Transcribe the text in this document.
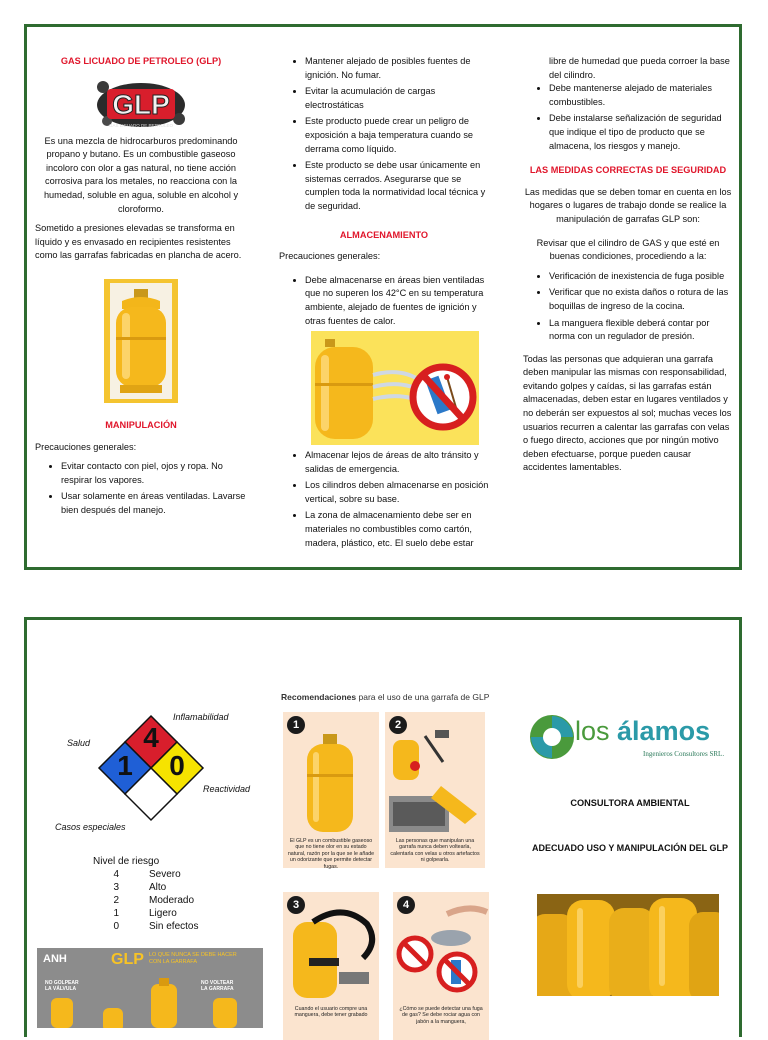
GAS LICUADO DE PETROLEO (GLP)
GLP
GAS LICUADO DE PETROLEO

Es una mezcla de hidrocarburos predominando propano y butano. Es un combustible gaseoso incoloro con olor a gas natural, no tiene acción corrosiva para los metales, no reacciona con la humedad, soluble en agua, soluble en alcohol y cloroformo.

Sometido a presiones elevadas se transforma en líquido y es envasado en recipientes resistentes como las garrafas fabricadas en plancha de acero.

MANIPULACIÓN

Precauciones generales:

• Evitar contacto con piel, ojos y ropa. No respirar los vapores.
• Usar solamente en áreas ventiladas. Lavarse bien después del manejo.
• Mantener alejado de posibles fuentes de ignición. No fumar.
• Evitar la acumulación de cargas electrostáticas
• Este producto puede crear un peligro de exposición a baja temperatura cuando se derrama como líquido.
• Este producto se debe usar únicamente en sistemas cerrados. Asegurarse que se cumplen toda la normatividad local técnica y de seguridad.
ALMACENAMIENTO

Precauciones generales:

• Debe almacenarse en áreas bien ventiladas que no superen los 42°C en su temperatura ambiente, alejado de fuentes de ignición y otras fuentes de calor.
• Almacenar lejos de áreas de alto tránsito y salidas de emergencia.
• Los cilindros deben almacenarse en posición vertical, sobre su base.
• La zona de almacenamiento debe ser en materiales no combustibles como cartón, madera, plástico, etc. El suelo debe estar
libre de humedad que pueda corroer la base del cilindro.
• Debe mantenerse alejado de materiales combustibles.
• Debe instalarse señalización de seguridad que indique el tipo de producto que se almacena, los riesgos y manejo.
LAS MEDIDAS CORRECTAS DE SEGURIDAD

Las medidas que se deben tomar en cuenta en los hogares o lugares de trabajo donde se realice la manipulación de garrafas GLP son:

Revisar que el cilindro de GAS y que esté en buenas condiciones, procediendo a la:

• Verificación de inexistencia de fuga posible
• Verificar que no exista daños o rotura de las boquillas de ingreso de la cocina.
• La manguera flexible deberá contar por norma con un regulador de presión.

Todas las personas que adquieran una garrafa deben manipular las mismas con responsabilidad, evitando golpes y caídas, si las garrafas están almacenadas, deben estar en lugares ventilados y no deberán ser expuestos al sol; muchas veces los usuarios recurren a calentar las garrafas con velas o fuego directo, acciones que por ningún motivo deben efectuarse, porque pueden causar accidentes lamentables.

4
1 0
Inflamabilidad
Salud
Reactividad
Casos especiales
Nivel de riesgo
4	Severo
3	Alto
2	Moderado
1	Ligero
0	Sin efectos
ANH	GLP LO QUE NUNCA SE DEBE HACER
CON LA GARRAFA
NO GOLPEAR
LA VÁLVULA
NO VOLTEAR
LA GARRAFA
Recomendaciones para el uso de una garrafa de GLP
1
El GLP es un combustible gaseoso que no tiene olor en su estado natural, razón por la que se le añade un odorizante que permite detectar fugas.
2
Las personas que manipulan una garrafa nunca deben voltearla, calentarla con velas u otros artefactos ni golpearla.
3
Cuando el usuario compre una manguera, debe tener grabado
4
¿Cómo se puede detectar una fuga de gas? Se debe rociar agua con jabón a la manguera,
los álamos
Ingenieros Consultores SRL.
CONSULTORA AMBIENTAL
ADECUADO USO Y MANIPULACIÓN DEL GLP
